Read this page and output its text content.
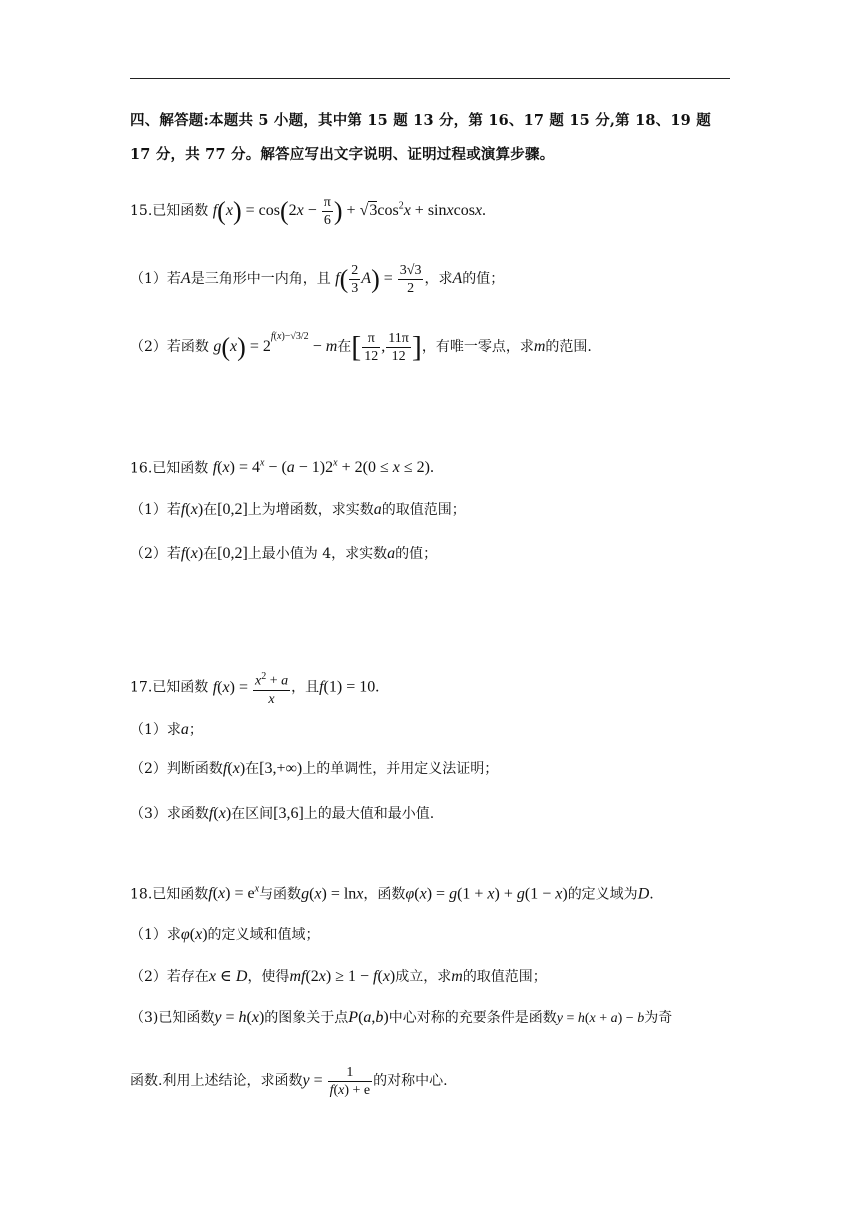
四、解答题:本题共 5 小题，其中第 15 题 13 分，第 16、17 题 15 分,第 18、19 题
17 分，共 77 分。解答应写出文字说明、证明过程或演算步骤。
15.已知函数 $f(x) = \cos(2x - \frac{\pi}{6}$ ) + $√3\cos^2x$ + sinxcosx.
（1）若A是三角形中一内角，且 $f( \frac{2}{3} A) = \frac{3√3}{2}$ ，求A的值；
（2）若函数 $g(x) = 2^{f(x)-√3/2} - m$在[ $\frac{\pi}{12}$ , $\frac{11\pi}{12}$ ]，有唯一零点，求m的范围.
16.已知函数 $f(x) = 4^x - (a - 1)2^x + 2(0 \le x \le 2)$.
（1）若f(x)在[0,2]上为增函数，求实数a的取值范围；
（2）若f(x)在[0,2]上最小值为 4，求实数a的值；
17.已知函数 $f(x) = \frac{x^2 + a}{x}$ ，且f(1) = 10.
（1）求a；
（2）判断函数f(x)在[3,+∞)上的单调性，并用定义法证明；
（3）求函数f(x)在区间[3,6]上的最大值和最小值.
18.已知函数$f(x) = e^x$与函数g(x) = lnx，函数φ(x) = g(1 + x) + g(1 − x)的定义域为D.
（1）求φ(x)的定义域和值域；
（2）若存在x ∈ D，使得mf(2x) ≥ 1 − f(x)成立，求m的取值范围；
（3)已知函数y = h(x)的图象关于点P(a,b)中心对称的充要条件是函数y = h(x + a) − b为奇
函数.利用上述结论，求函数$y = \frac{1}{f(x) + e}$ 的对称中心.
